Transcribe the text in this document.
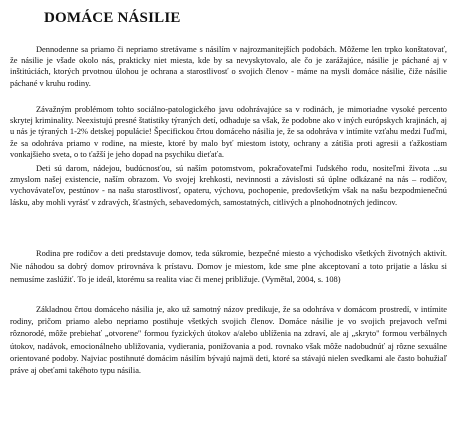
DOMÁCE NÁSILIE

Dennodenne sa priamo či nepriamo stretávame s násilím v najrozmanitejších podobách. Môžeme len trpko konštatovať, že násilie je všade okolo nás, prakticky niet miesta, kde by sa nevyskytovalo, ale čo je zarážajúce, násilie je páchané aj v inštitúciách, ktorých prvotnou úlohou je ochrana a starostlivosť o svojich členov - máme na mysli domáce násilie, čiže násilie páchané v kruhu rodiny.

Závažným problémom tohto sociálno-patologického javu odohrávajúce sa v rodinách, je mimoriadne vysoké percento skrytej kriminality. Neexistujú presné štatistiky týraných detí, odhaduje sa však, že podobne ako v iných európskych krajinách, aj u nás je týraných 1-2% detskej populácie! Špecifickou črtou domáceho násilia je, že sa odohráva v intímite vzťahu medzi ľuďmi, že sa odohráva priamo v rodine, na mieste, ktoré by malo byť miestom istoty, ochrany a zátišia proti agresii a ťažkostiam vonkajšieho sveta, o to ťažší je jeho dopad na psychiku dieťaťa.

Deti sú darom, nádejou, budúcnosťou, sú naším potomstvom, pokračovateľmi ľudského rodu, nositeľmi života ...su zmyslom našej existencie, naším obrazom. Vo svojej krehkosti, nevinnosti a závislosti sú úplne odkázané na nás – rodičov, vychovávateľov, pestúnov - na našu starostlivosť, opateru, výchovu, pochopenie, predovšetkým však na našu bezpodmienečnú lásku, aby mohli vyrásť v zdravých, šťastných, sebavedomých, samostatných, citlivých a plnohodnotných jedincov.

Rodina pre rodičov a deti predstavuje domov, teda súkromie, bezpečné miesto a východisko všetkých životných aktivít. Nie náhodou sa dobrý domov prirovnáva k prístavu. Domov je miestom, kde sme plne akceptovaní a toto prijatie a lásku si nemusíme zaslúžiť. To je ideál, ktorému sa realita viac či menej približuje. (Vymětal, 2004, s. 108)

Základnou črtou domáceho násilia je, ako už samotný názov predikuje, že sa odohráva v domácom prostredí, v intímite rodiny, pričom priamo alebo nepriamo postihuje všetkých svojich členov. Domáce násilie je vo svojich prejavoch veľmi rôznorodé, môže prebiehať „otvorene" formou fyzických útokov a/alebo ublíženia na zdraví, ale aj „skryto" formou verbálnych útokov, nadávok, emocionálneho ubližovania, vydierania, ponižovania a pod. rovnako však môže nadobudnúť aj rôzne sexuálne orientované podoby. Najviac postihnuté domácim násilím bývajú najmä deti, ktoré sa stávajú nielen svedkami ale často bohužiaľ práve aj obeťami takéhoto typu násilia.
